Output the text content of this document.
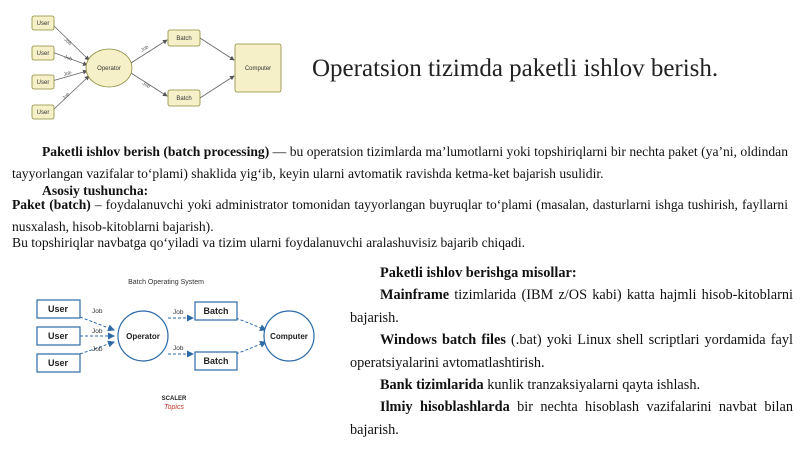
User
User
User
User
Operator
Batch
Batch
Computer
Job
Job
Job
Job
Job
Job
Operatsion tizimda paketli ishlov berish.
Paketli ishlov berish (batch processing) — bu operatsion tizimlarda ma’lumotlarni yoki topshiriqlarni bir nechta paket (ya’ni, oldindan tayyorlangan vazifalar to‘plami) shaklida yig‘ib, keyin ularni avtomatik ravishda ketma-ket bajarish usulidir.
Asosiy tushuncha:
Paket (batch) – foydalanuvchi yoki administrator tomonidan tayyorlangan buyruqlar to‘plami (masalan, dasturlarni ishga tushirish, fayllarni nusxalash, hisob-kitoblarni bajarish).
Bu topshiriqlar navbatga qo‘yiladi va tizim ularni foydalanuvchi aralashuvisiz bajarib chiqadi.
Batch Operating System
User
User
User
Operator
Batch
Batch
Computer
Job
Job
Job
Job
Job
SCALER
Topics
Paketli ishlov berishga misollar:
Mainframe tizimlarida (IBM z/OS kabi) katta hajmli hisob-kitoblarni bajarish.
Windows batch files (.bat) yoki Linux shell scriptlari yordamida fayl operatsiyalarini avtomatlashtirish.
Bank tizimlarida kunlik tranzaksiyalarni qayta ishlash.
Ilmiy hisoblashlarda bir nechta hisoblash vazifalarini navbat bilan bajarish.
